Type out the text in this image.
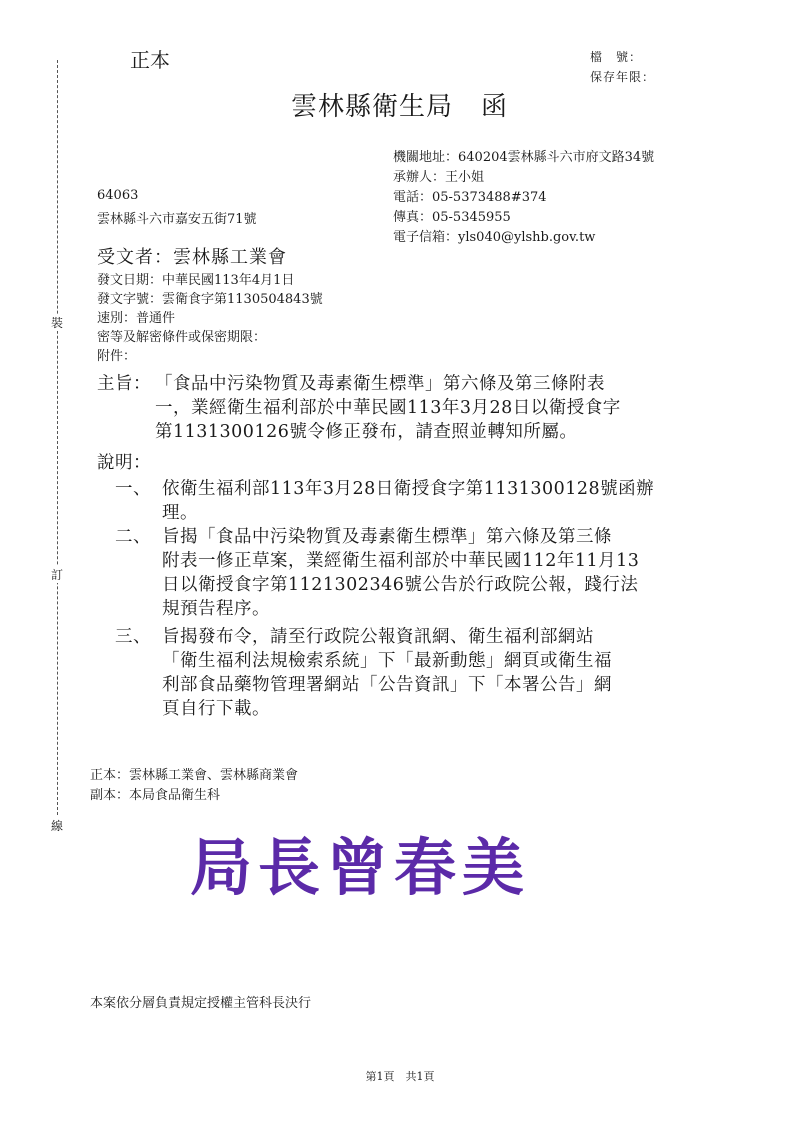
正本	檔　號：
保存年限：
雲林縣衛生局 函
裝
訂
線
機關地址：640204雲林縣斗六市府文路34號
承辦人：王小姐
電話：05-5373488#374
傳真：05-5345955
電子信箱：yls040@ylshb.gov.tw
64063
雲林縣斗六市嘉安五街71號
受文者：雲林縣工業會
發文日期：中華民國113年4月1日
發文字號：雲衛食字第1130504843號
速別：普通件
密等及解密條件或保密期限：
附件：
主旨： 「食品中污染物質及毒素衛生標準」第六條及第三條附表
一，業經衛生福利部於中華民國113年3月28日以衛授食字
第1131300126號令修正發布，請查照並轉知所屬。
說明：
一、 依衛生福利部113年3月28日衛授食字第1131300128號函辦
理。
二、 旨揭「食品中污染物質及毒素衛生標準」第六條及第三條
附表一修正草案，業經衛生福利部於中華民國112年11月13
日以衛授食字第1121302346號公告於行政院公報，踐行法
規預告程序。
三、 旨揭發布令，請至行政院公報資訊網、衛生福利部網站
「衛生福利法規檢索系統」下「最新動態」網頁或衛生福
利部食品藥物管理署網站「公告資訊」下「本署公告」網
頁自行下載。
正本：雲林縣工業會、雲林縣商業會
副本：本局食品衛生科
局長曾春美
本案依分層負責規定授權主管科長決行
第1頁　共1頁
